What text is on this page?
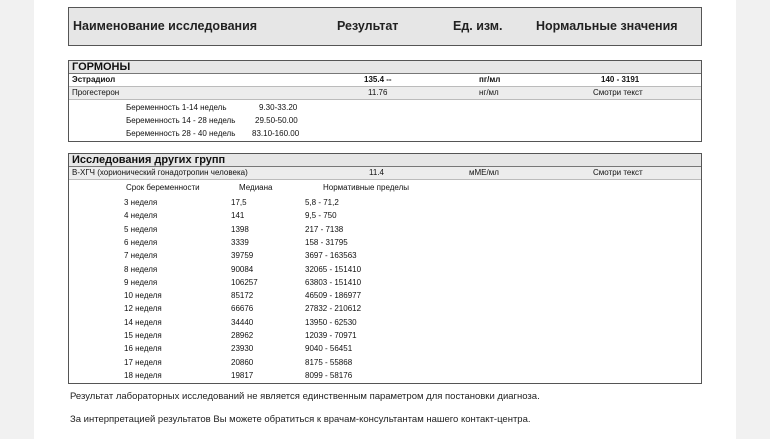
Наименование исследования	Результат	Ед. изм.	Нормальные значения
ГОРМОНЫ
Эстрадиол	135.4 --	пг/мл	140 - 3191
Прогестерон	11.76	нг/мл	Смотри текст
Беременность 1-14 недель	9.30-33.20
Беременность 14 - 28 недель 29.50-50.00
Беременность 28 - 40 недель 83.10-160.00
Исследования других групп
В-ХГЧ (хорионический гонадотропин человека)	11.4	мМЕ/мл	Смотри текст
Срок беременности	Медиана	Нормативные пределы
3 неделя	17,5	5,8 - 71,2
4 неделя	141	9,5 - 750
5 неделя	1398	217 - 7138
6 неделя	3339	158 - 31795
7 неделя	39759	3697 - 163563
8 неделя	90084	32065 - 151410
9 неделя	106257	63803 - 151410
10 неделя	85172	46509 - 186977
12 неделя	66676	27832 - 210612
14 неделя	34440	13950 - 62530
15 неделя	28962	12039 - 70971
16 неделя	23930	9040 - 56451
17 неделя	20860	8175 - 55868
18 неделя	19817	8099 - 58176
Результат лабораторных исследований не является единственным параметром для постановки диагноза.
За интерпретацией результатов Вы можете обратиться к врачам-консультантам нашего контакт-центра.
